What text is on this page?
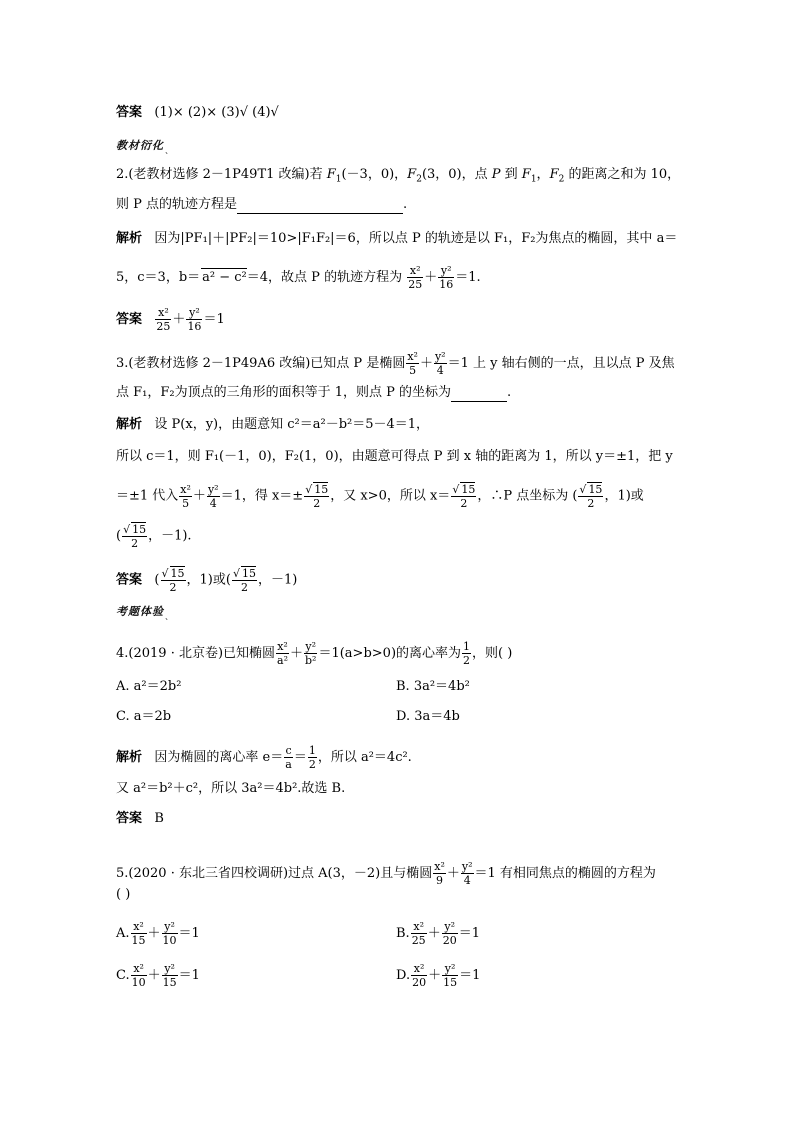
答案 (1)× (2)× (3)√ (4)√
教材衍化$_、$
2.(老教材选修 2－1P49T1 改编)若 $F_1(-3$，0)，$F_2(3$，0)，点 P 到 $F_1$，$F_2$ 的距离之和为 10，
则 P 点的轨迹方程是	.
解析 因为|PF₁|＋|PF₂|＝10>|F₁F₂|＝6，所以点 P 的轨迹是以 F₁，F₂为焦点的椭圆，其中 a＝
5，c＝3，b＝ a² − c²＝4，故点 P 的轨迹方程为 $\frac{\text{x²}}{25} + \frac{\text{y²}}{16} =1$.
答案 $\frac{\text{x²}}{25} + \frac{\text{y²}}{16} =1$
3.(老教材选修 2－1P49A6 改编)已知点 P 是椭圆 $\frac{\text{x²}}{5} + \frac{\text{y²}}{4} =1$ 上 y 轴右侧的一点，且以点 P 及焦
点 F₁，F₂为顶点的三角形的面积等于 1，则点 P 的坐标为	.
解析 设 P(x，y)，由题意知 c²＝a²－b²＝5－4＝1，
所以 c＝1，则 F₁(－1，0)，F₂(1，0)，由题意可得点 P 到 x 轴的距离为 1，所以 y＝±1，把 y
＝±1 代入 $\frac{\text{x²}}{5} + \frac{\text{y²}}{4} =1$，得 $x=\pm \frac{√ 15}{2}$ ，又 x>0，所以 $x= \frac{√ 15}{2}$ ，∴P 点坐标为 ( $\frac{√ 15}{2}$ ，1)或
( $\frac{√ 15}{2}$ ，－1).
答案 ( $\frac{√ 15}{2}$ ，1)或( $\frac{√ 15}{2}$ ，－1)
考题体验$_、$
4.(2019 · 北京卷)已知椭圆 $\frac{\text{x²}}{\text{a²}} + \frac{\text{y²}}{\text{b²}} =1(a>b>0)$的离心率为 $\frac{1}{2}$ ，则( )
A. a²＝2b²	B. 3a²＝4b²
C. a＝2b	D. 3a＝4b
解析 因为椭圆的离心率 $e= \frac{c}{a} = \frac{1}{2}$ ，所以 a²＝4c².
又 a²＝b²＋c²，所以 3a²＝4b².故选 B.
答案 B
5.(2020 · 东北三省四校调研)过点 A(3，－2)且与椭圆 $\frac{\text{x²}}{9} + \frac{\text{y²}}{4} =1$ 有相同焦点的椭圆的方程为
( )
A. $\frac{\text{x²}}{15} + \frac{\text{y²}}{10} =1$	B. $\frac{\text{x²}}{25} + \frac{\text{y²}}{20} =1$
C. $\frac{\text{x²}}{10} + \frac{\text{y²}}{15} =1$	D. $\frac{\text{x²}}{20} + \frac{\text{y²}}{15} =1$
